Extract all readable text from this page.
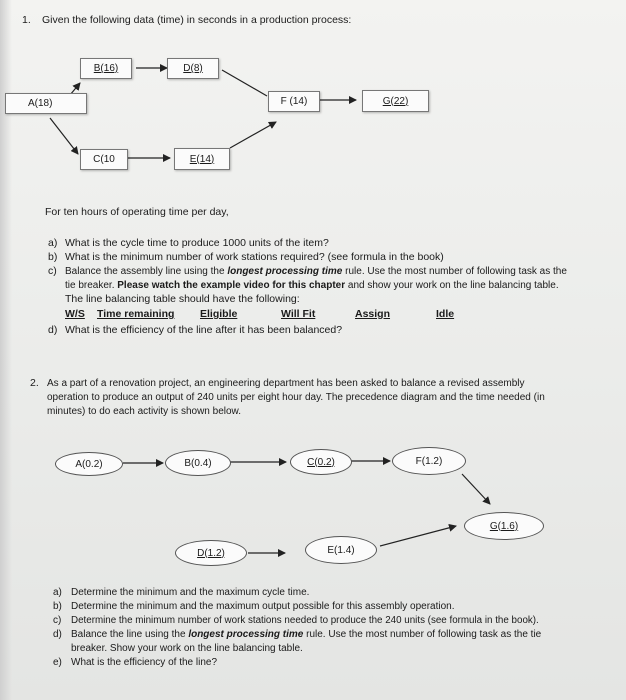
1. Given the following data (time) in seconds in a production process:
B(16)	D(8)
A(18)	F (14)	G(22)
C(10	E(14)
For ten hours of operating time per day,
a) What is the cycle time to produce 1000 units of the item?
b) What is the minimum number of work stations required? (see formula in the book)
c) Balance the assembly line using the longest processing time rule. Use the most number of following task as the
tie breaker. Please watch the example video for this chapter and show your work on the line balancing table.
The line balancing table should have the following:
W/S Time remaining Eligible	Will Fit	Assign	Idle
d) What is the efficiency of the line after it has been balanced?
2. As a part of a renovation project, an engineering department has been asked to balance a revised assembly
operation to produce an output of 240 units per eight hour day. The precedence diagram and the time needed (in
minutes) to do each activity is shown below.
A(0.2)	B(0.4)	C(0.2)	F(1.2)
G(1.6)
D(1.2)	E(1.4)
a) Determine the minimum and the maximum cycle time.
b) Determine the minimum and the maximum output possible for this assembly operation.
c) Determine the minimum number of work stations needed to produce the 240 units (see formula in the book).
d) Balance the line using the longest processing time rule. Use the most number of following task as the tie
breaker. Show your work on the line balancing table.
e) What is the efficiency of the line?
